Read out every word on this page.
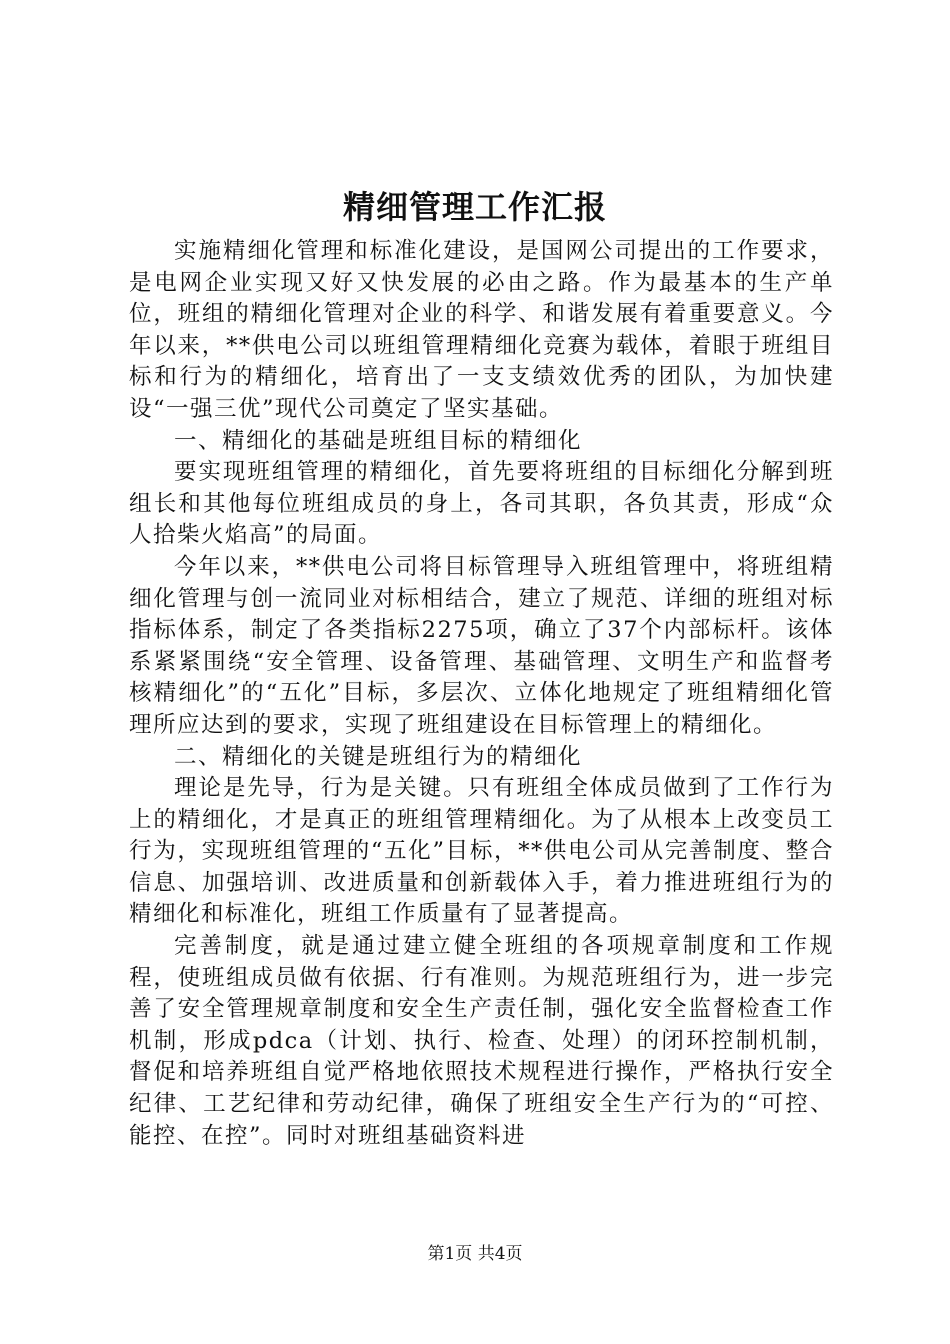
精细管理工作汇报

实施精细化管理和标准化建设，是国网公司提出的工作要求，是电网企业实现又好又快发展的必由之路。作为最基本的生产单位，班组的精细化管理对企业的科学、和谐发展有着重要意义。今年以来，**供电公司以班组管理精细化竞赛为载体，着眼于班组目标和行为的精细化，培育出了一支支绩效优秀的团队，为加快建设“一强三优”现代公司奠定了坚实基础。

一、精细化的基础是班组目标的精细化

要实现班组管理的精细化，首先要将班组的目标细化分解到班组长和其他每位班组成员的身上，各司其职，各负其责，形成“众人拾柴火焰高”的局面。

今年以来，**供电公司将目标管理导入班组管理中，将班组精细化管理与创一流同业对标相结合，建立了规范、详细的班组对标指标体系，制定了各类指标2275项，确立了37个内部标杆。该体系紧紧围绕“安全管理、设备管理、基础管理、文明生产和监督考核精细化”的“五化”目标，多层次、立体化地规定了班组精细化管理所应达到的要求，实现了班组建设在目标管理上的精细化。

二、精细化的关键是班组行为的精细化

理论是先导，行为是关键。只有班组全体成员做到了工作行为上的精细化，才是真正的班组管理精细化。为了从根本上改变员工行为，实现班组管理的“五化”目标，**供电公司从完善制度、整合信息、加强培训、改进质量和创新载体入手，着力推进班组行为的精细化和标准化，班组工作质量有了显著提高。

完善制度，就是通过建立健全班组的各项规章制度和工作规程，使班组成员做有依据、行有准则。为规范班组行为，进一步完善了安全管理规章制度和安全生产责任制，强化安全监督检查工作机制，形成pdca（计划、执行、检查、处理）的闭环控制机制，督促和培养班组自觉严格地依照技术规程进行操作，严格执行安全纪律、工艺纪律和劳动纪律，确保了班组安全生产行为的“可控、能控、在控”。同时对班组基础资料进

第1页 共4页
